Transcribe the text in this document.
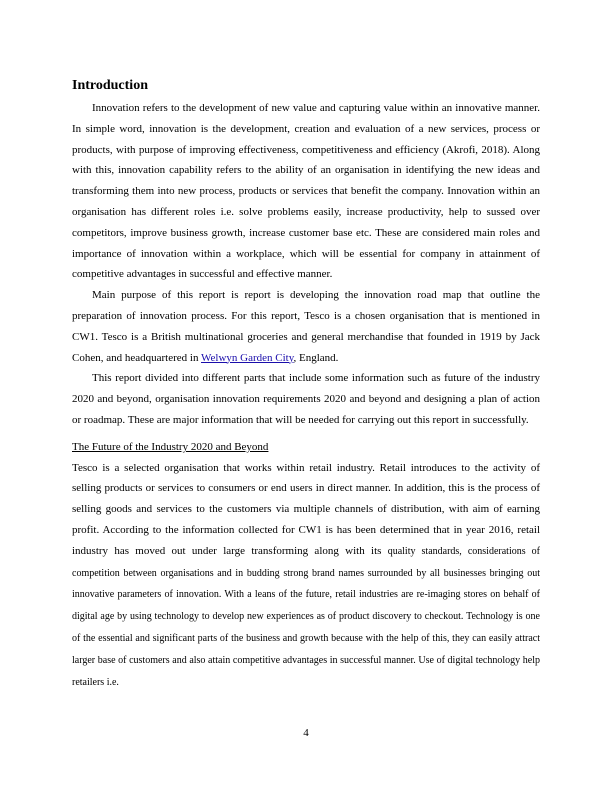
Introduction

Innovation refers to the development of new value and capturing value within an innovative manner. In simple word, innovation is the development, creation and evaluation of a new services, process or products, with purpose of improving effectiveness, competitiveness and efficiency (Akrofi, 2018). Along with this, innovation capability refers to the ability of an organisation in identifying the new ideas and transforming them into new process, products or services that benefit the company. Innovation within an organisation has different roles i.e. solve problems easily, increase productivity, help to sussed over competitors, improve business growth, increase customer base etc. These are considered main roles and importance of innovation within a workplace, which will be essential for company in attainment of competitive advantages in successful and effective manner.

Main purpose of this report is report is developing the innovation road map that outline the preparation of innovation process. For this report, Tesco is a chosen organisation that is mentioned in CW1. Tesco is a British multinational groceries and general merchandise that founded in 1919 by Jack Cohen, and headquartered in Welwyn Garden City, England.

This report divided into different parts that include some information such as future of the industry 2020 and beyond, organisation innovation requirements 2020 and beyond and designing a plan of action or roadmap. These are major information that will be needed for carrying out this report in successfully.

The Future of the Industry 2020 and Beyond

Tesco is a selected organisation that works within retail industry. Retail introduces to the activity of selling products or services to consumers or end users in direct manner. In addition, this is the process of selling goods and services to the customers via multiple channels of distribution, with aim of earning profit. According to the information collected for CW1 is has been determined that in year 2016, retail industry has moved out under large transforming along with its quality standards, considerations of competition between organisations and in budding strong brand names surrounded by all businesses bringing out innovative parameters of innovation. With a leans of the future, retail industries are re-imaging stores on behalf of digital age by using technology to develop new experiences as of product discovery to checkout. Technology is one of the essential and significant parts of the business and growth because with the help of this, they can easily attract larger base of customers and also attain competitive advantages in successful manner. Use of digital technology help retailers i.e.

4
